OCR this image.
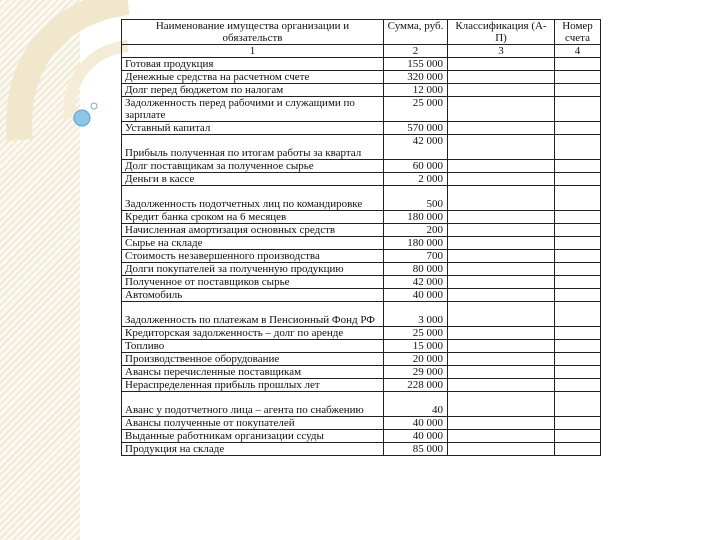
Наименование имущества организации и обязательств	Сумма, руб.	Классификация (А-П)	Номер счета
1	2	3	4
Готовая продукция	155 000		
Денежные средства на расчетном счете	320 000		
Долг перед бюджетом по налогам	12 000		
Задолженность перед рабочими и служащими по зарплате	25 000		
Уставный капитал	570 000		
Прибыль полученная по итогам работы за квартал	42 000		
Долг поставщикам за полученное сырье	60 000		
Деньги в кассе	2 000		
Задолженность подотчетных лиц по командировке	500		
Кредит банка сроком на 6 месяцев	180 000		
Начисленная амортизация основных средств	200		
Сырье на складе	180 000		
Стоимость незавершенного производства	700		
Долги покупателей за полученную продукцию	80 000		
Полученное от поставщиков сырье	42 000		
Автомобиль	40 000		
Задолженность по платежам в Пенсионный Фонд РФ	3 000		
Кредиторская задолженность – долг по аренде	25 000		
Топливо	15 000		
Производственное оборудование	20 000		
Авансы перечисленные поставщикам	29 000		
Нераспределенная прибыль прошлых лет	228 000		
Аванс у подотчетного лица – агента по снабжению	40		
Авансы полученные от покупателей	40 000		
Выданные работникам организации ссуды	40 000		
Продукция на складе	85 000		
